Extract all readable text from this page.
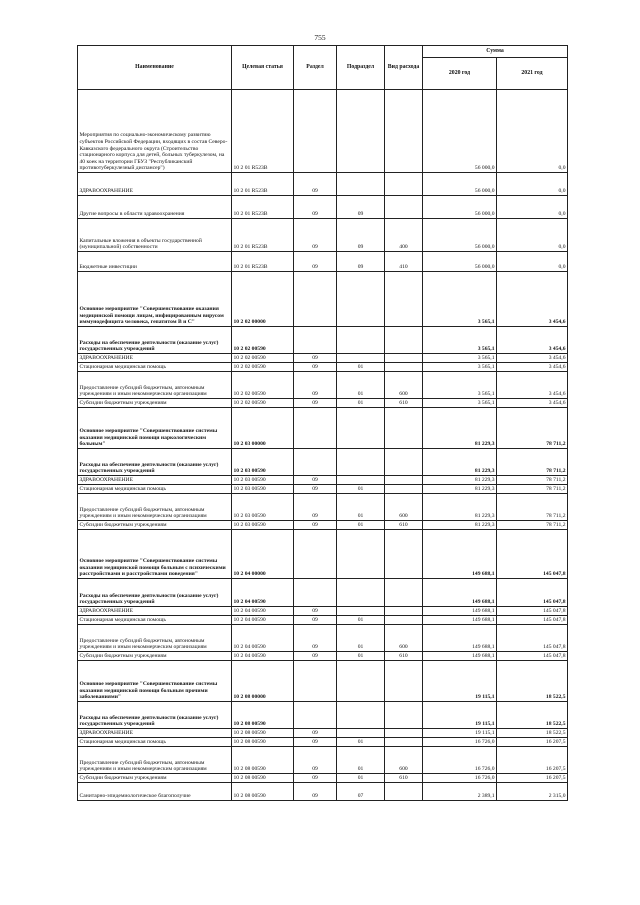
755
Наименование	Целевая статья	Раздел	Подраздел	Вид расхода	Сумма	
					2020 год	2021 год
Мероприятия по социально-экономическому развитию субъектов Российской Федерации, входящих в состав Северо-Кавказского федерального округа (Строительство стационарного корпуса для детей, больных туберкулезом, на 40 коек на территории ГБУЗ "Республиканский противотуберкулезный диспансер")	10 2 01 R523В				56 000,0	0,0
ЗДРАВООХРАНЕНИЕ	10 2 01 R523В	09			56 000,0	0,0
Другие вопросы в области здравоохранения	10 2 01 R523В	09	09		56 000,0	0,0
Капитальные вложения в объекты государственной (муниципальной) собственности	10 2 01 R523В	09	09	400	56 000,0	0,0
Бюджетные инвестиции	10 2 01 R523В	09	09	410	56 000,0	0,0
Основное мероприятие "Совершенствование оказания медицинской помощи лицам, инфицированным вирусом иммунодефицита человека, гепатитом В и С"	10 2 02 00000				3 565,1	3 454,6
Расходы на обеспечение деятельности (оказание услуг) государственных учреждений	10 2 02 00590				3 565,1	3 454,6
ЗДРАВООХРАНЕНИЕ	10 2 02 00590	09			3 565,1	3 454,6
Стационарная медицинская помощь	10 2 02 00590	09	01		3 565,1	3 454,6
Предоставление субсидий бюджетным, автономным учреждениям и иным некоммерческим организациям	10 2 02 00590	09	01	600	3 565,1	3 454,6
Субсидии бюджетным учреждениям	10 2 02 00590	09	01	610	3 565,1	3 454,6
Основное мероприятие "Совершенствование системы оказания медицинской помощи наркологическим больным"	10 2 03 00000				81 229,3	78 711,2
Расходы на обеспечение деятельности (оказание услуг) государственных учреждений	10 2 03 00590				81 229,3	78 711,2
ЗДРАВООХРАНЕНИЕ	10 2 03 00590	09			81 229,3	78 711,2
Стационарная медицинская помощь	10 2 03 00590	09	01		81 229,3	78 711,2
Предоставление субсидий бюджетным, автономным учреждениям и иным некоммерческим организациям	10 2 03 00590	09	01	600	81 229,3	78 711,2
Субсидии бюджетным учреждениям	10 2 03 00590	09	01	610	81 229,3	78 711,2
Основное мероприятие "Совершенствование системы оказания медицинской помощи больным с психическими расстройствами и расстройствами поведения"	10 2 04 00000				149 688,1	145 047,8
Расходы на обеспечение деятельности (оказание услуг) государственных учреждений	10 2 04 00590				149 688,1	145 047,8
ЗДРАВООХРАНЕНИЕ	10 2 04 00590	09			149 688,1	145 047,8
Стационарная медицинская помощь	10 2 04 00590	09	01		149 688,1	145 047,8
Предоставление субсидий бюджетным, автономным учреждениям и иным некоммерческим организациям	10 2 04 00590	09	01	600	149 688,1	145 047,8
Субсидии бюджетным учреждениям	10 2 04 00590	09	01	610	149 688,1	145 047,8
Основное мероприятие "Совершенствование системы оказания медицинской помощи больным прочими заболеваниями"	10 2 08 00000				19 115,1	18 522,5
Расходы на обеспечение деятельности (оказание услуг) государственных учреждений	10 2 08 00590				19 115,1	18 522,5
ЗДРАВООХРАНЕНИЕ	10 2 08 00590	09			19 115,1	18 522,5
Стационарная медицинская помощь	10 2 08 00590	09	01		16 726,0	16 207,5
Предоставление субсидий бюджетным, автономным учреждениям и иным некоммерческим организациям	10 2 08 00590	09	01	600	16 726,0	16 207,5
Субсидии бюджетным учреждениям	10 2 08 00590	09	01	610	16 726,0	16 207,5
Санитарно-эпидемиологическое благополучие	10 2 08 00590	09	07		2 389,1	2 315,0
